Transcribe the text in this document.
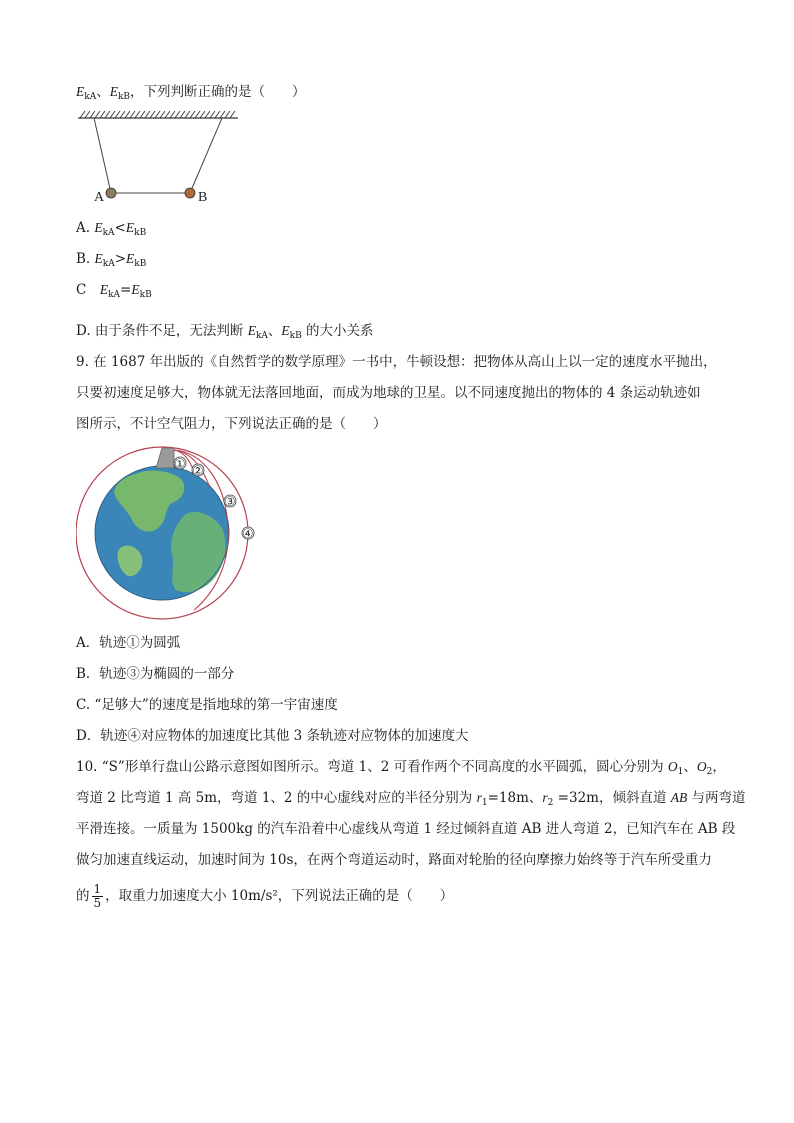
$E_{kA}$、$E_{kB}$，下列判断正确的是（　　）
A	B
A. $E_{kA}<E_{kB}$
B. $E_{kA}>E_{kB}$
C　$E_{kA}=E_{kB}$
D. 由于条件不足，无法判断 $E_{kA}$、$E_{kB}$ 的大小关系
9. 在 1687 年出版的《自然哲学的数学原理》一书中，牛顿设想：把物体从高山上以一定的速度水平抛出，
只要初速度足够大，物体就无法落回地面，而成为地球的卫星。以不同速度抛出的物体的 4 条运动轨迹如
图所示，不计空气阻力，下列说法正确的是（　　）
① ②
③
④
A．轨迹①为圆弧
B．轨迹③为椭圆的一部分
C. “足够大”的速度是指地球的第一宇宙速度
D．轨迹④对应物体的加速度比其他 3 条轨迹对应物体的加速度大
10. “S”形单行盘山公路示意图如图所示。弯道 1、2 可看作两个不同高度的水平圆弧，圆心分别为 $O_1$、$O_2$，
弯道 2 比弯道 1 高 5m，弯道 1、2 的中心虚线对应的半径分别为 $r_1=18m$、$r_2 =32m$，倾斜直道 AB 与两弯道
平滑连接。一质量为 1500kg 的汽车沿着中心虚线从弯道 1 经过倾斜直道 AB 进人弯道 2，已知汽车在 AB 段
做匀加速直线运动，加速时间为 10s，在两个弯道运动时，路面对轮胎的径向摩擦力始终等于汽车所受重力
的 $\frac{1}{5}$ ，取重力加速度大小 10m/s²，下列说法正确的是（　　）
